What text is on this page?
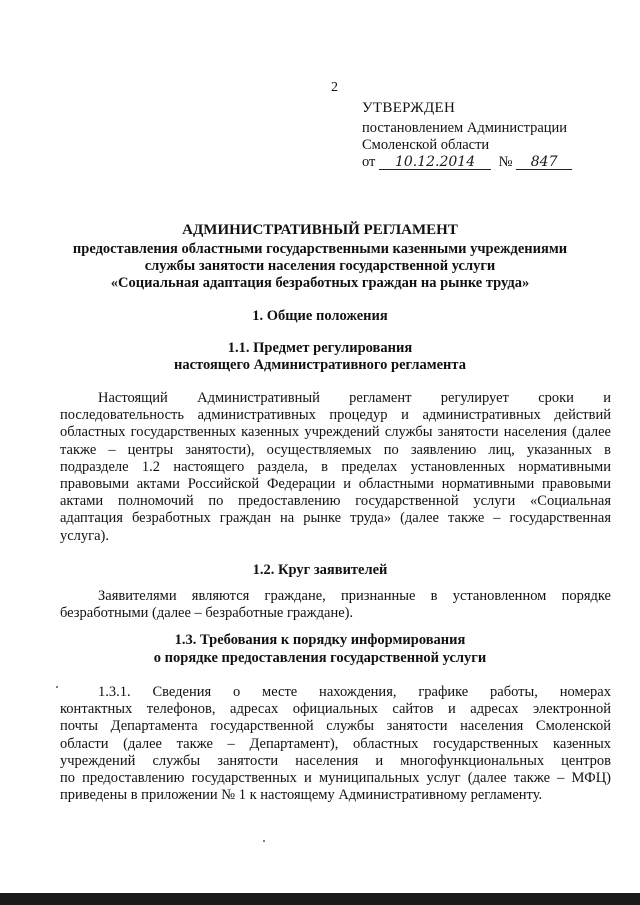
2
УТВЕРЖДЕН
постановлением Администрации
Смоленской области
от 10.12.2014 № 847
АДМИНИСТРАТИВНЫЙ РЕГЛАМЕНТ
предоставления областными государственными казенными учреждениями
службы занятости населения государственной услуги
«Социальная адаптация безработных граждан на рынке труда»
1. Общие положения
1.1. Предмет регулирования
настоящего Административного регламента
Настоящий Административный регламент регулирует сроки и
последовательность административных процедур и административных действий
областных государственных казенных учреждений службы занятости населения (далее
также – центры занятости), осуществляемых по заявлению лиц, указанных в
подразделе 1.2 настоящего раздела, в пределах установленных нормативными
правовыми актами Российской Федерации и областными нормативными правовыми
актами полномочий по предоставлению государственной услуги «Социальная
адаптация безработных граждан на рынке труда» (далее также – государственная
услуга).
1.2. Круг заявителей
Заявителями являются граждане, признанные в установленном порядке
безработными (далее – безработные граждане).
1.3. Требования к порядку информирования
о порядке предоставления государственной услуги
1.3.1. Сведения о месте нахождения, графике работы, номерах
контактных телефонов, адресах официальных сайтов и адресах электронной
почты Департамента государственной службы занятости населения Смоленской
области (далее также – Департамент), областных государственных казенных
учреждений службы занятости населения и многофункциональных центров
по предоставлению государственных и муниципальных услуг (далее также – МФЦ)
приведены в приложении № 1 к настоящему Административному регламенту.
